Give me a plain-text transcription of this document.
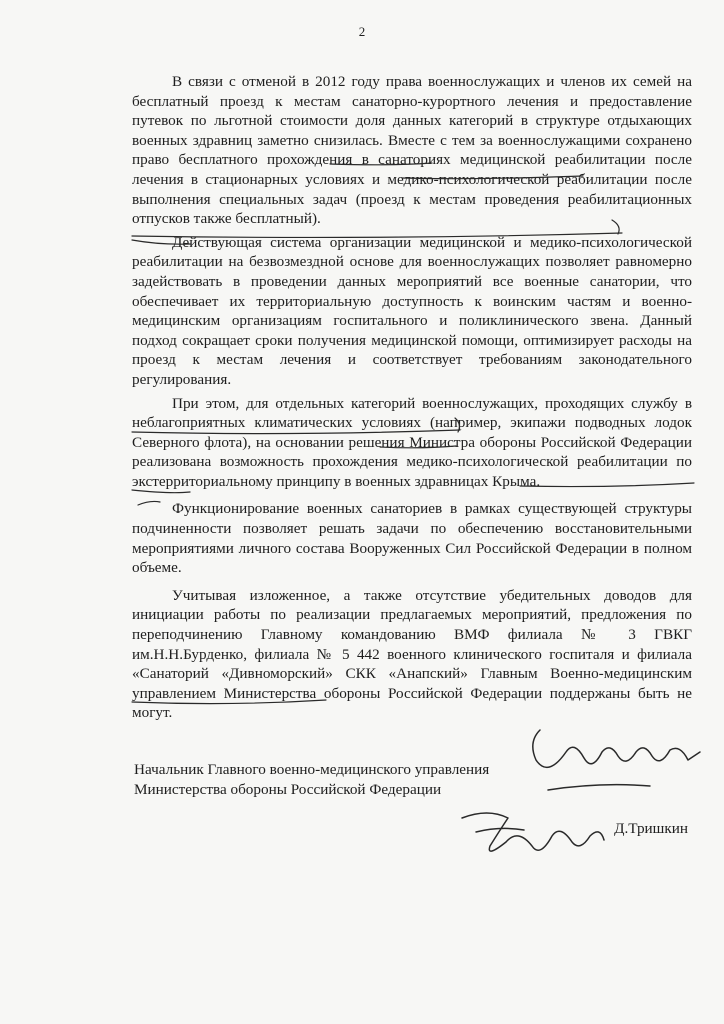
2

В связи с отменой в 2012 году права военнослужащих и членов их семей на бесплатный проезд к местам санаторно-курортного лечения и предоставление путевок по льготной стоимости доля данных категорий в структуре отдыхающих военных здравниц заметно снизилась. Вместе с тем за военнослужащими сохранено право бесплатного прохождения в санаториях медицинской реабилитации после лечения в стационарных условиях и медико-психологической реабилитации после выполнения специальных задач (проезд к местам проведения реабилитационных отпусков также бесплатный).

Действующая система организации медицинской и медико-психологической реабилитации на безвозмездной основе для военнослужащих позволяет равномерно задействовать в проведении данных мероприятий все военные санатории, что обеспечивает их территориальную доступность к воинским частям и военно-медицинским организациям госпитального и поликлинического звена. Данный подход сокращает сроки получения медицинской помощи, оптимизирует расходы на проезд к местам лечения и соответствует требованиям законодательного регулирования.

При этом, для отдельных категорий военнослужащих, проходящих службу в неблагоприятных климатических условиях (например, экипажи подводных лодок Северного флота), на основании решения Министра обороны Российской Федерации реализована возможность прохождения медико-психологической реабилитации по экстерриториальному принципу в военных здравницах Крыма.

Функционирование военных санаториев в рамках существующей структуры подчиненности позволяет решать задачи по обеспечению восстановительными мероприятиями личного состава Вооруженных Сил Российской Федерации в полном объеме.

Учитывая изложенное, а также отсутствие убедительных доводов для инициации работы по реализации предлагаемых мероприятий, предложения по переподчинению Главному командованию ВМФ филиала № 3 ГВКГ им.Н.Н.Бурденко, филиала № 5 442 военного клинического госпиталя и филиала «Санаторий «Дивноморский» СКК «Анапский» Главным Военно-медицинским управлением Министерства обороны Российской Федерации поддержаны быть не могут.

Начальник Главного военно-медицинского управления
Министерства обороны Российской Федерации
Д.Тришкин
